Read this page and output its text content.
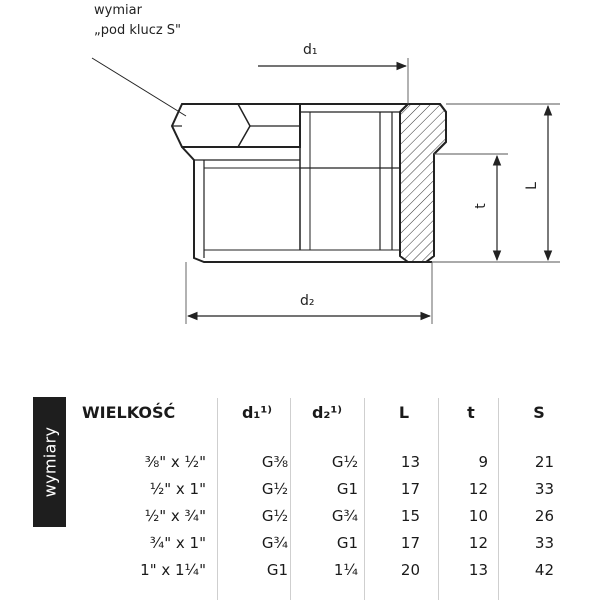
wymiar
„pod klucz S"
d₁
d₂
t
L
wymiary
WIELKOŚĆ	d₁¹⁾	d₂¹⁾	L	t	S
⅜" x ½"	G⅜	G½	13	9	21
½" x 1"	G½	G1	17	12	33
½" x ¾"	G½	G¾	15	10	26
¾" x 1"	G¾	G1	17	12	33
1" x 1¼"	G1	1¼	20	13	42
